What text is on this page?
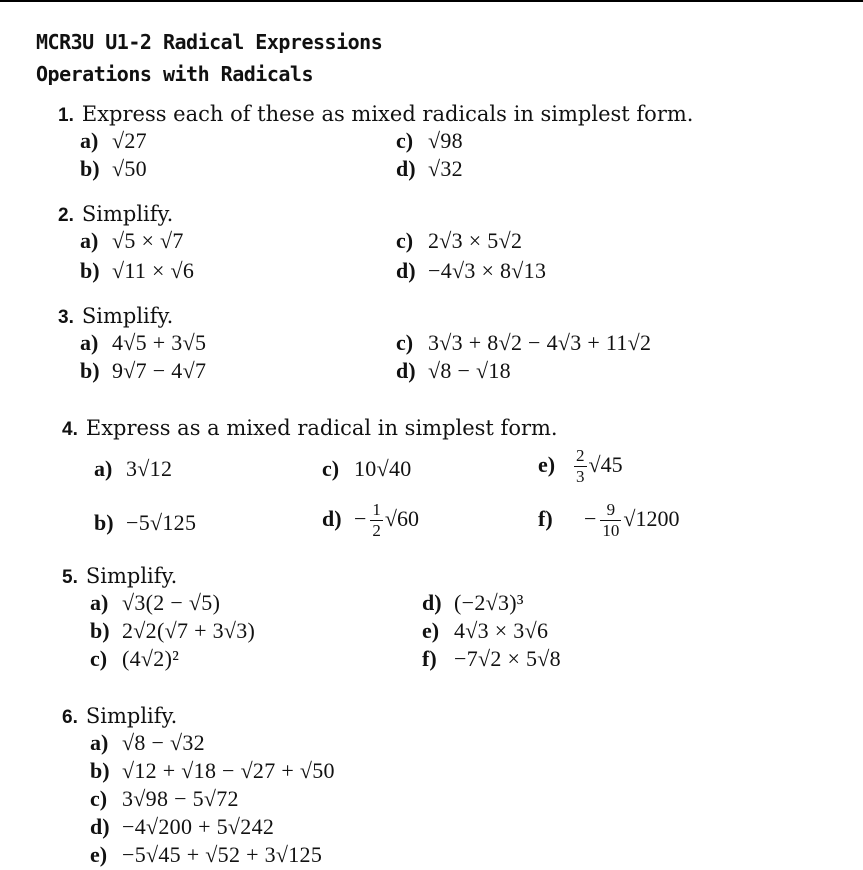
MCR3U U1-2 Radical Expressions
Operations with Radicals
1. Express each of these as mixed radicals in simplest form.
a) √27
b) √50
c) √98
d) √32
2. Simplify.
a) √5 × √7
b) √11 × √6
c) 2√3 × 5√2
d) −4√3 × 8√13
3. Simplify.
a) 4√5 + 3√5
b) 9√7 − 4√7
c) 3√3 + 8√2 − 4√3 + 11√2
d) √8 − √18
4. Express as a mixed radical in simplest form.
a) 3√12
b) −5√125
c) 10√40
$d) - \frac{1}{2} √60$
$e) \frac{2}{3} √45$
$f) - \frac{9}{10} √1200$
5. Simplify.
a) √3(2 − √5)
b) 2√2(√7 + 3√3)
c) (4√2)²
d) (−2√3)³
e) 4√3 × 3√6
f) −7√2 × 5√8
6. Simplify.
a) √8 − √32
b) √12 + √18 − √27 + √50
c) 3√98 − 5√72
d) −4√200 + 5√242
e) −5√45 + √52 + 3√125
